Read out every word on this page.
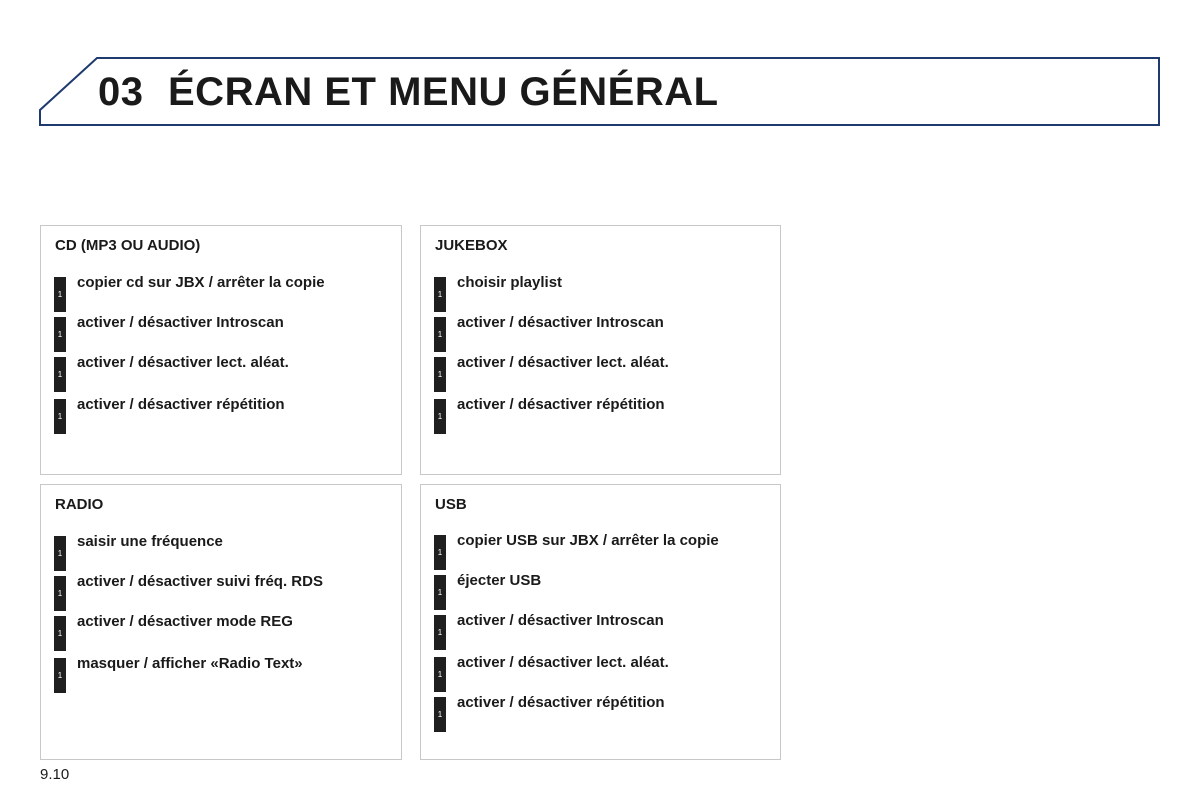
03 ÉCRAN ET MENU GÉNÉRAL
CD (MP3 OU AUDIO)
1
copier cd sur JBX / arrêter la copie
1
activer / désactiver Introscan
1
activer / désactiver lect. aléat.
1
activer / désactiver répétition
JUKEBOX
1
choisir playlist
1
activer / désactiver Introscan
1
activer / désactiver lect. aléat.
1
activer / désactiver répétition
RADIO
1
saisir une fréquence
1
activer / désactiver suivi fréq. RDS
1
activer / désactiver mode REG
1
masquer / afficher «Radio Text»
USB
1
copier USB sur JBX / arrêter la copie
1
éjecter USB
1
activer / désactiver Introscan
1
activer / désactiver lect. aléat.
1
activer / désactiver répétition
9.10
